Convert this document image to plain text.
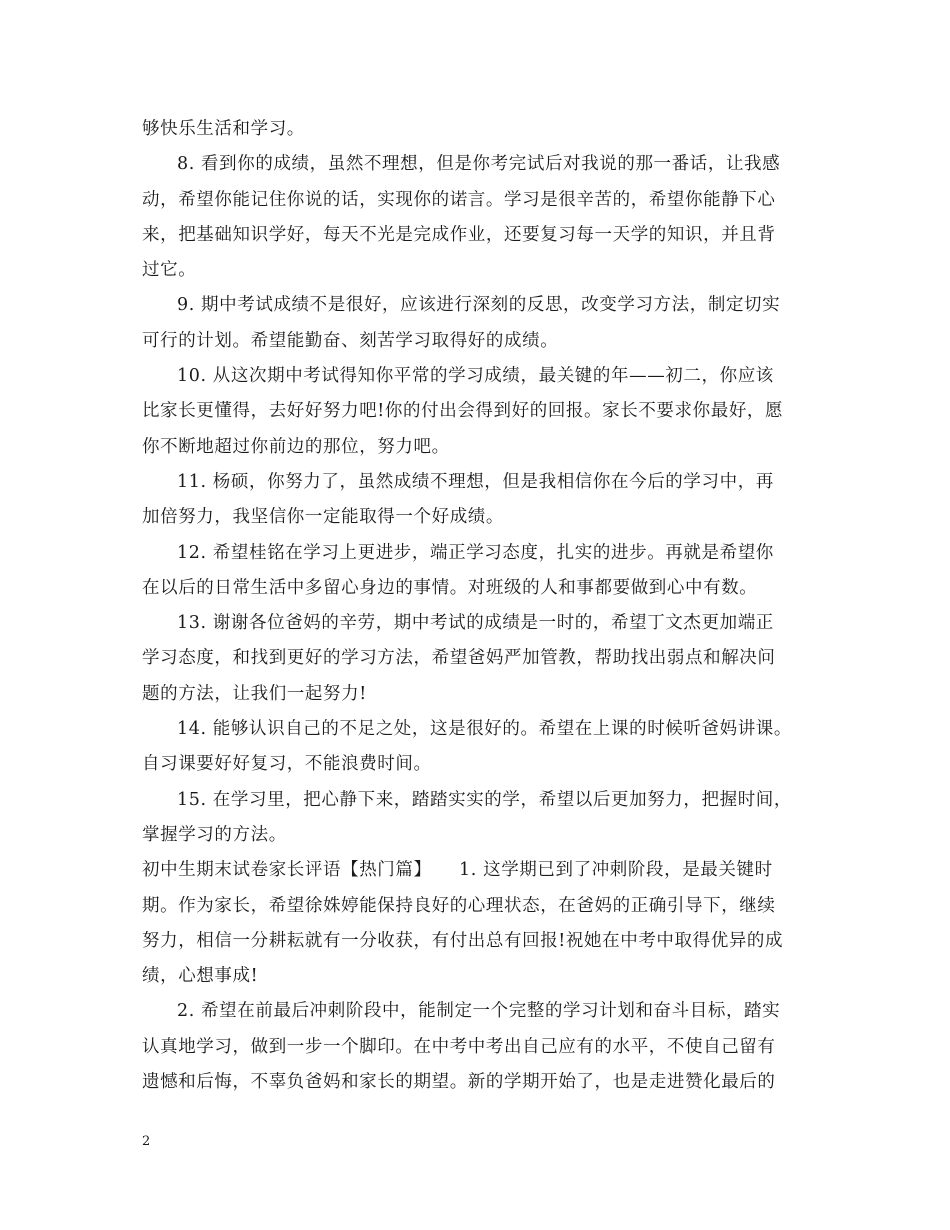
够快乐生活和学习。
8. 看到你的成绩，虽然不理想，但是你考完试后对我说的那一番话，让我感
动，希望你能记住你说的话，实现你的诺言。学习是很辛苦的，希望你能静下心
来，把基础知识学好，每天不光是完成作业，还要复习每一天学的知识，并且背
过它。
9. 期中考试成绩不是很好，应该进行深刻的反思，改变学习方法，制定切实
可行的计划。希望能勤奋、刻苦学习取得好的成绩。
10. 从这次期中考试得知你平常的学习成绩，最关键的年——初二，你应该
比家长更懂得，去好好努力吧!你的付出会得到好的回报。家长不要求你最好，愿
你不断地超过你前边的那位，努力吧。
11. 杨硕，你努力了，虽然成绩不理想，但是我相信你在今后的学习中，再
加倍努力，我坚信你一定能取得一个好成绩。
12. 希望桂铭在学习上更进步，端正学习态度，扎实的进步。再就是希望你
在以后的日常生活中多留心身边的事情。对班级的人和事都要做到心中有数。
13. 谢谢各位爸妈的辛劳，期中考试的成绩是一时的，希望丁文杰更加端正
学习态度，和找到更好的学习方法，希望爸妈严加管教，帮助找出弱点和解决问
题的方法，让我们一起努力!
14. 能够认识自己的不足之处，这是很好的。希望在上课的时候听爸妈讲课。
自习课要好好复习，不能浪费时间。
15. 在学习里，把心静下来，踏踏实实的学，希望以后更加努力，把握时间，
掌握学习的方法。
初中生期末试卷家长评语【热门篇】　　1. 这学期已到了冲刺阶段，是最关键时
期。作为家长，希望徐姝婷能保持良好的心理状态，在爸妈的正确引导下，继续
努力，相信一分耕耘就有一分收获，有付出总有回报!祝她在中考中取得优异的成
绩，心想事成!
2. 希望在前最后冲刺阶段中，能制定一个完整的学习计划和奋斗目标，踏实
认真地学习，做到一步一个脚印。在中考中考出自己应有的水平，不使自己留有
遗憾和后悔，不辜负爸妈和家长的期望。新的学期开始了，也是走进赞化最后的
2
